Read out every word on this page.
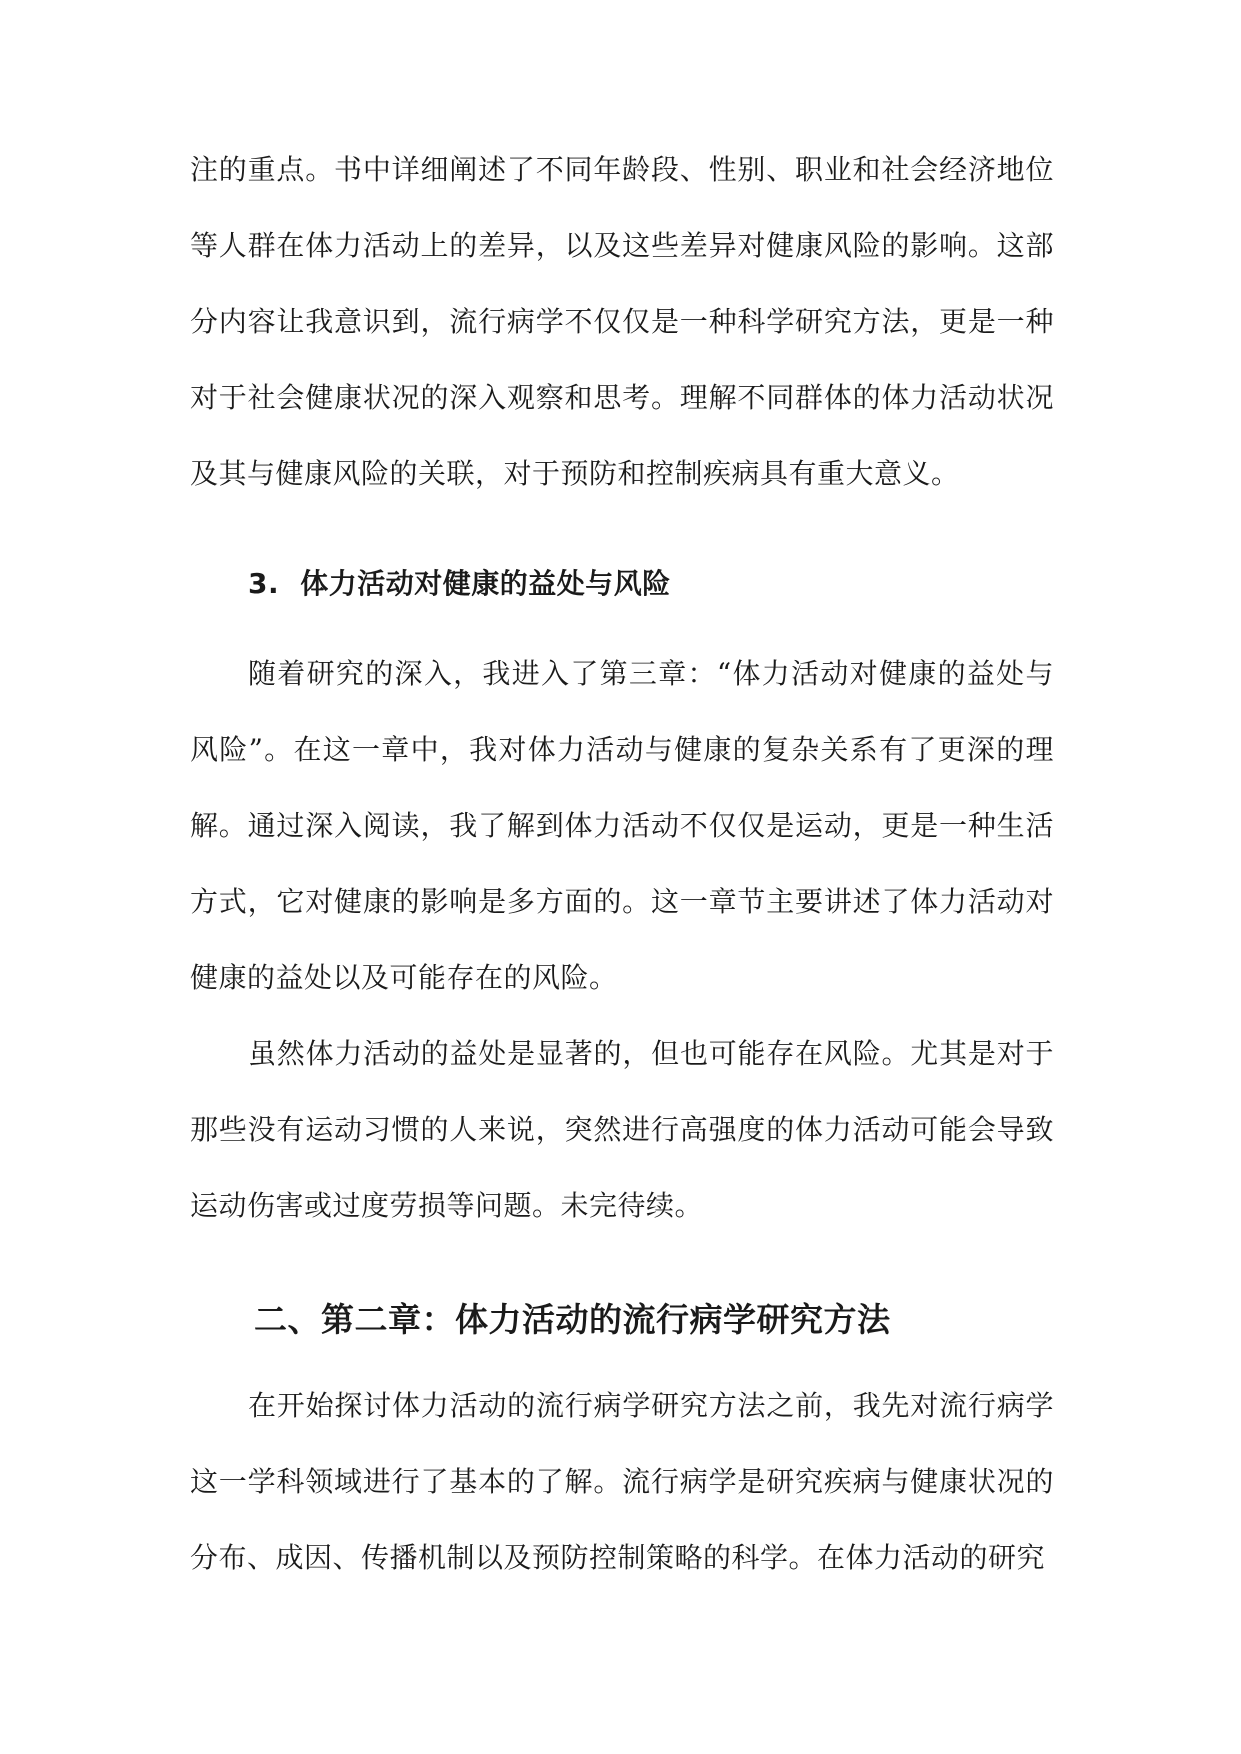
注的重点。书中详细阐述了不同年龄段、性别、职业和社会经济地位等人群在体力活动上的差异，以及这些差异对健康风险的影响。这部分内容让我意识到，流行病学不仅仅是一种科学研究方法，更是一种对于社会健康状况的深入观察和思考。理解不同群体的体力活动状况及其与健康风险的关联，对于预防和控制疾病具有重大意义。

3. 体力活动对健康的益处与风险

随着研究的深入，我进入了第三章：“体力活动对健康的益处与风险”。在这一章中，我对体力活动与健康的复杂关系有了更深的理解。通过深入阅读，我了解到体力活动不仅仅是运动，更是一种生活方式，它对健康的影响是多方面的。这一章节主要讲述了体力活动对健康的益处以及可能存在的风险。

虽然体力活动的益处是显著的，但也可能存在风险。尤其是对于那些没有运动习惯的人来说，突然进行高强度的体力活动可能会导致运动伤害或过度劳损等问题。未完待续。

二、第二章：体力活动的流行病学研究方法

在开始探讨体力活动的流行病学研究方法之前，我先对流行病学这一学科领域进行了基本的了解。流行病学是研究疾病与健康状况的分布、成因、传播机制以及预防控制策略的科学。在体力活动的研究
